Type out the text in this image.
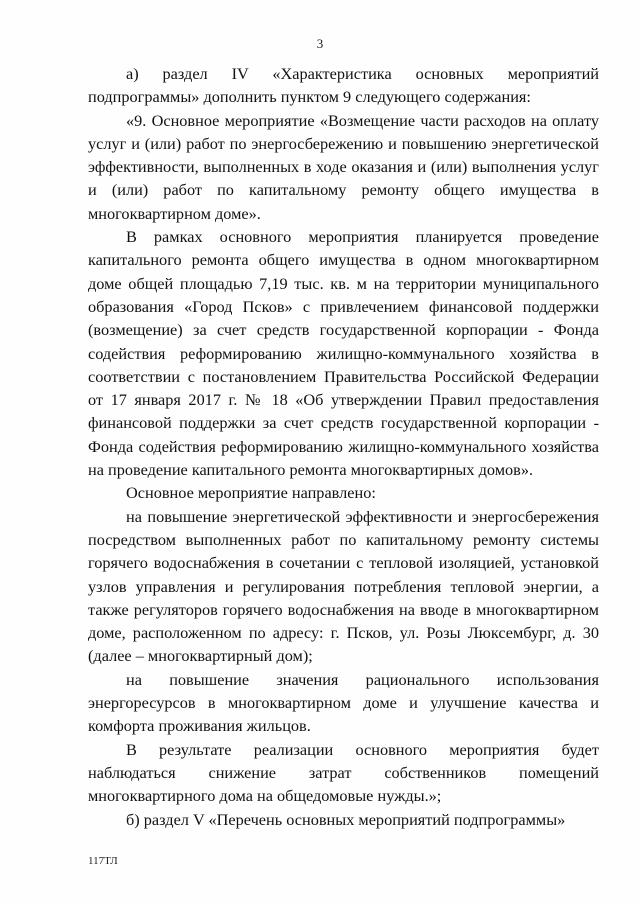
3

а) раздел IV «Характеристика основных мероприятий подпрограммы» дополнить пунктом 9 следующего содержания:

«9. Основное мероприятие «Возмещение части расходов на оплату услуг и (или) работ по энергосбережению и повышению энергетической эффективности, выполненных в ходе оказания и (или) выполнения услуг и (или) работ по капитальному ремонту общего имущества в многоквартирном доме».

В рамках основного мероприятия планируется проведение капитального ремонта общего имущества в одном многоквартирном доме общей площадью 7,19 тыс. кв. м на территории муниципального образования «Город Псков» с привлечением финансовой поддержки (возмещение) за счет средств государственной корпорации - Фонда содействия реформированию жилищно-коммунального хозяйства в соответствии с постановлением Правительства Российской Федерации от 17 января 2017 г. № 18 «Об утверждении Правил предоставления финансовой поддержки за счет средств государственной корпорации - Фонда содействия реформированию жилищно-коммунального хозяйства на проведение капитального ремонта многоквартирных домов».

Основное мероприятие направлено:

на повышение энергетической эффективности и энергосбережения посредством выполненных работ по капитальному ремонту системы горячего водоснабжения в сочетании с тепловой изоляцией, установкой узлов управления и регулирования потребления тепловой энергии, а также регуляторов горячего водоснабжения на вводе в многоквартирном доме, расположенном по адресу: г. Псков, ул. Розы Люксембург, д. 30 (далее – многоквартирный дом);

на повышение значения рационального использования энергоресурсов в многоквартирном доме и улучшение качества и комфорта проживания жильцов.

В результате реализации основного мероприятия будет наблюдаться снижение затрат собственников помещений многоквартирного дома на общедомовые нужды.»;

б) раздел V «Перечень основных мероприятий подпрограммы»

117ТЛ
